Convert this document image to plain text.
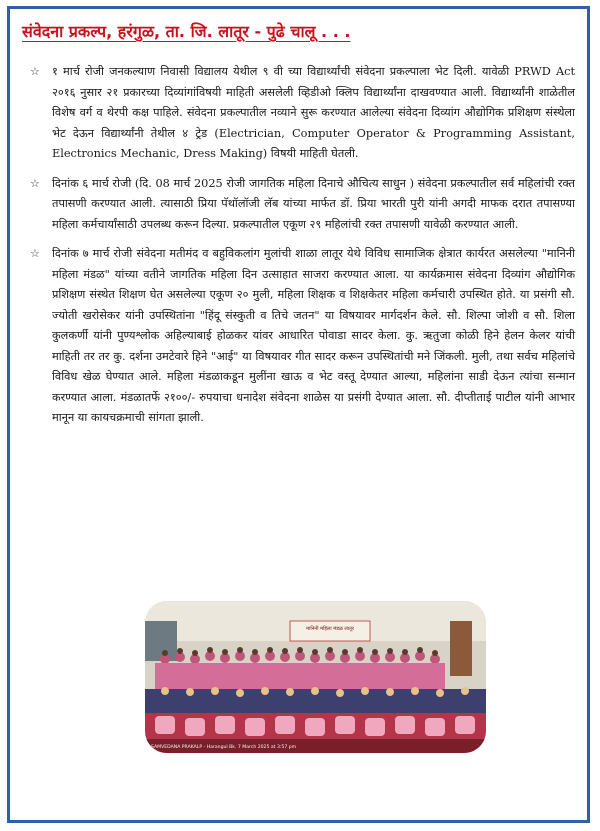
संवेदना प्रकल्प, हरंगुळ, ता. जि. लातूर - पुढे चालू . . .

☆ १ मार्च रोजी जनकल्याण निवासी विद्यालय येथील ९ वी च्या विद्यार्थ्यांची संवेदना प्रकल्पाला भेट दिली. यावेळी PRWD Act २०१६ नुसार २१ प्रकारच्या दिव्यांगांविषयी माहिती असलेली व्हिडीओ क्लिप विद्यार्थ्यांना दाखवण्यात आली. विद्यार्थ्यांनी शाळेतील विशेष वर्ग व थेरपी कक्ष पाहिले. संवेदना प्रकल्पातील नव्याने सुरू करण्यात आलेल्या संवेदना दिव्यांग औद्योगिक प्रशिक्षण संस्थेला भेट देऊन विद्यार्थ्यांनी तेथील ४ ट्रेड (Electrician, Computer Operator & Programming Assistant, Electronics Mechanic, Dress Making) विषयी माहिती घेतली.

☆ दिनांक ६ मार्च रोजी (दि. 08 मार्च 2025 रोजी जागतिक महिला दिनाचे औचित्य साधुन ) संवेदना प्रकल्पातील सर्व महिलांची रक्त तपासणी करण्यात आली. त्यासाठी प्रिया पॅथॉलॉजी लॅब यांच्या मार्फत डॉ. प्रिया भारती पुरी यांनी अगदी माफक दरात तपासण्या महिला कर्मचार्यांसाठी उपलब्ध करून दिल्या. प्रकल्पातील एकूण २९ महिलांची रक्त तपासणी यावेळी करण्यात आली.

☆ दिनांक ७ मार्च रोजी संवेदना मतीमंद व बहुविकलांग मुलांची शाळा लातूर येथे विविध सामाजिक क्षेत्रात कार्यरत असलेल्या "मानिनी महिला मंडळ" यांच्या वतीने जागतिक महिला दिन उत्साहात साजरा करण्यात आला. या कार्यक्रमास संवेदना दिव्यांग औद्योगिक प्रशिक्षण संस्थेत शिक्षण घेत असलेल्या एकूण २० मुली, महिला शिक्षक व शिक्षकेतर महिला कर्मचारी उपस्थित होते. या प्रसंगी सौ. ज्योती खरोसेकर यांनी उपस्थितांना "हिंदू संस्कुती व तिचे जतन" या विषयावर मार्गदर्शन केले. सौ. शिल्पा जोशी व सौ. शिला कुलकर्णी यांनी पुण्यश्लोक अहिल्याबाई होळकर यांवर आधारित पोवाडा सादर केला. कु. ऋतुजा कोळी हिने हेलन केलर यांची माहिती तर तर कु. दर्शना उमटेवारे हिने "आई" या विषयावर गीत सादर करून उपस्थितांची मने जिंकली. मुली, तथा सर्वच महिलांचे विविध खेळ घेण्यात आले. महिला मंडळाकडून मुलींना खाऊ व भेट वस्तू देण्यात आल्या, महिलांना साडी देऊन त्यांचा सन्मान करण्यात आला. मंडळातर्फे २१००/- रुपयाचा धनादेश संवेदना शाळेस या प्रसंगी देण्यात आला. सौ. दीप्तीताई पाटील यांनी आभार मानून या कायचक्रमाची सांगता झाली.

मानिनी महिला मंडळ लातूर
SAMVEDANA PRAKALP - Harangul Bk. 7 March 2025 at 3:57 pm
